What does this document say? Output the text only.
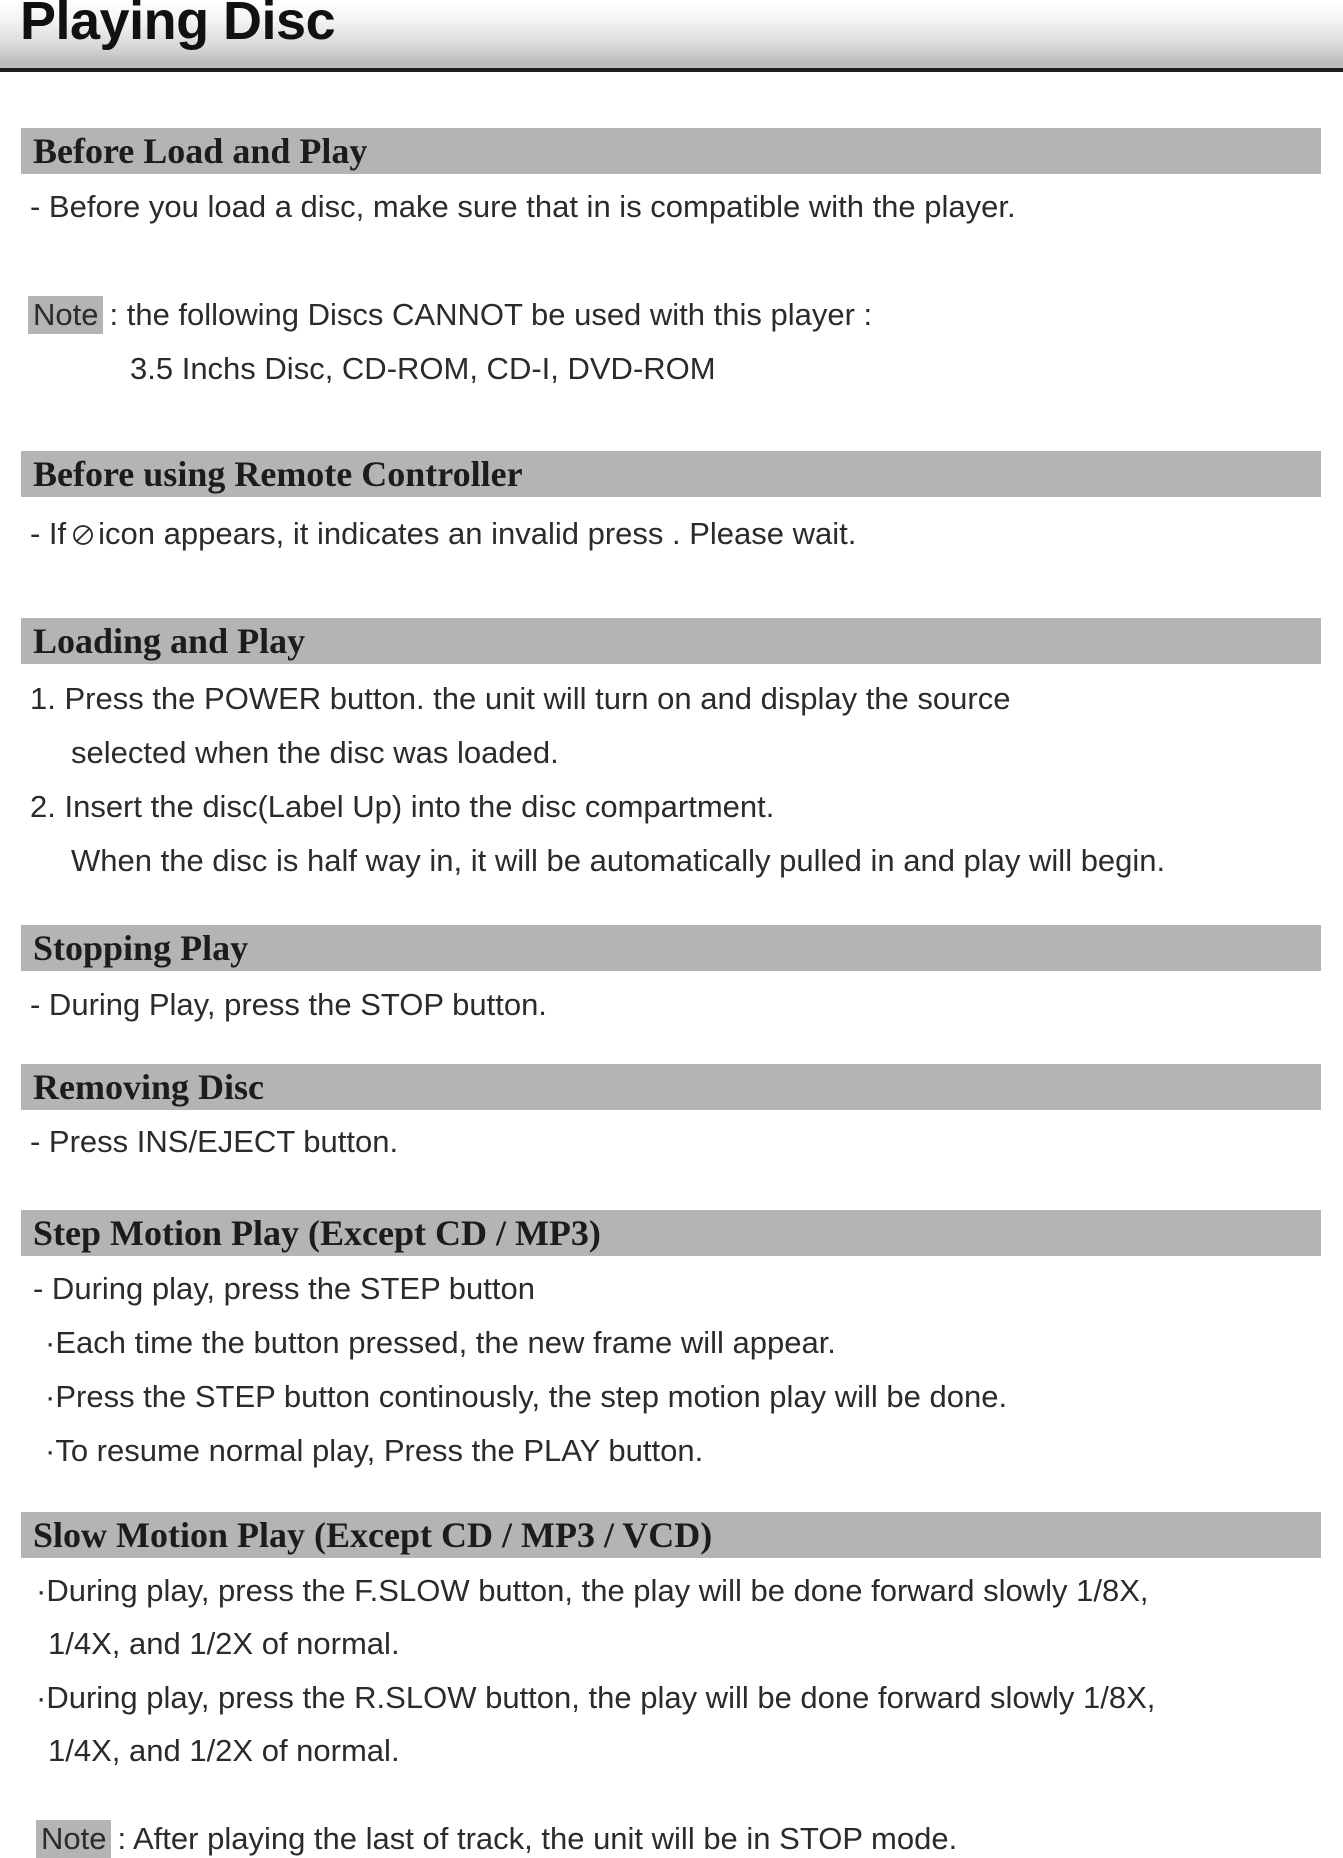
Playing Disc
Before Load and Play
- Before you load a disc, make sure that in is compatible with the player.
Note : the following Discs CANNOT be used with this player :
3.5 Inchs Disc, CD-ROM, CD-I, DVD-ROM
Before using Remote Controller
- If icon appears, it indicates an invalid press . Please wait.
Loading and Play
1. Press the POWER button. the unit will turn on and display the source
selected when the disc was loaded.
2. Insert the disc(Label Up) into the disc compartment.
When the disc is half way in, it will be automatically pulled in and play will begin.
Stopping Play
- During Play, press the STOP button.
Removing Disc
- Press INS/EJECT button.
Step Motion Play (Except CD / MP3)
- During play, press the STEP button
·Each time the button pressed, the new frame will appear.
·Press the STEP button continously, the step motion play will be done.
·To resume normal play, Press the PLAY button.
Slow Motion Play (Except CD / MP3 / VCD)
·During play, press the F.SLOW button, the play will be done forward slowly 1/8X,
1/4X, and 1/2X of normal.
·During play, press the R.SLOW button, the play will be done forward slowly 1/8X,
1/4X, and 1/2X of normal.
Note : After playing the last of track, the unit will be in STOP mode.
